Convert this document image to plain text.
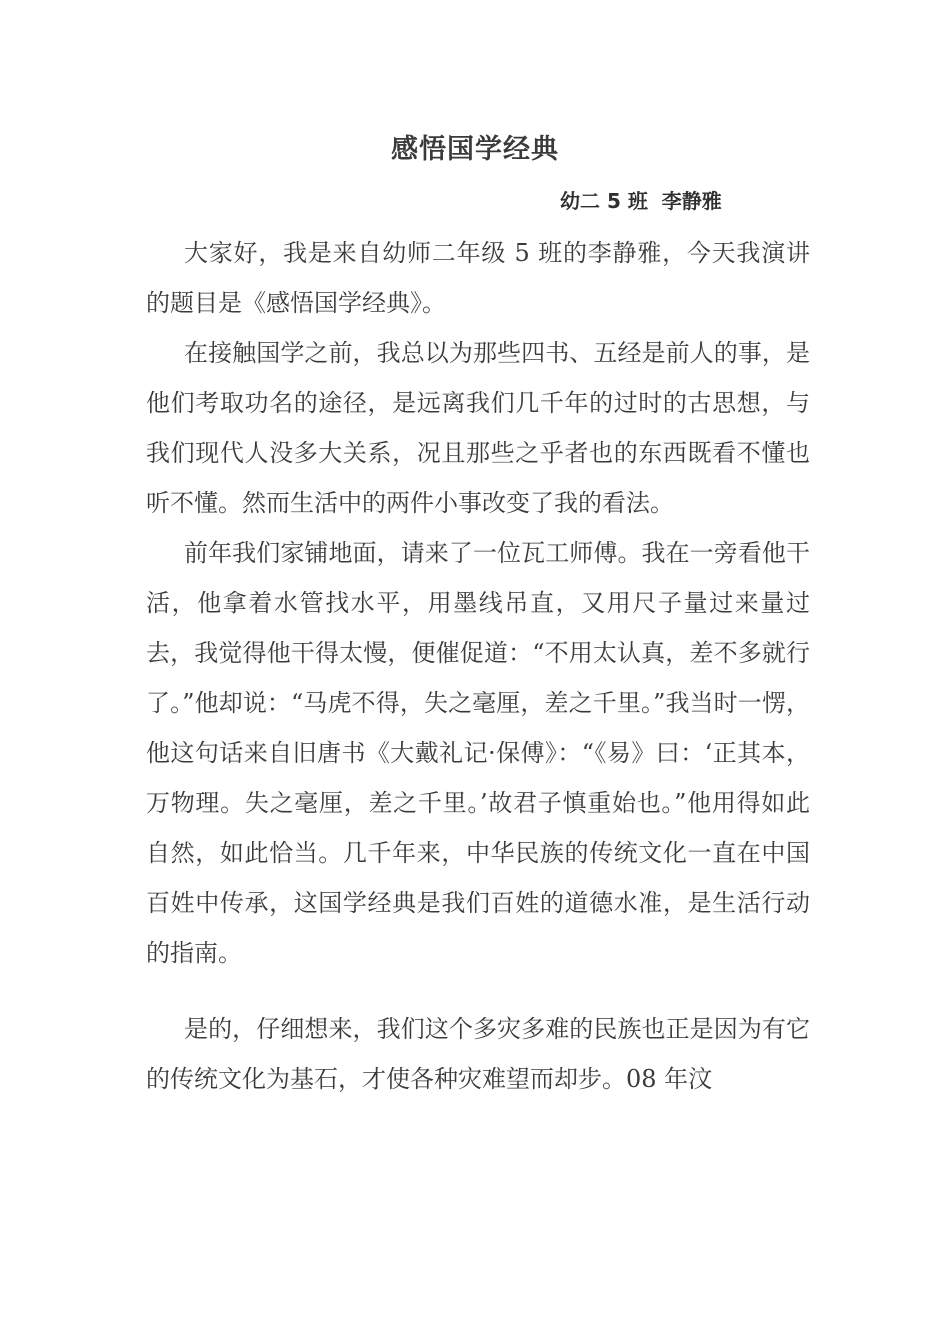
感悟国学经典
幼二 5 班  李静雅

大家好，我是来自幼师二年级 5 班的李静雅，今天我演讲的题目是《感悟国学经典》。

在接触国学之前，我总以为那些四书、五经是前人的事，是他们考取功名的途径，是远离我们几千年的过时的古思想，与我们现代人没多大关系，况且那些之乎者也的东西既看不懂也听不懂。然而生活中的两件小事改变了我的看法。

前年我们家铺地面，请来了一位瓦工师傅。我在一旁看他干活，他拿着水管找水平，用墨线吊直，又用尺子量过来量过去，我觉得他干得太慢，便催促道：“不用太认真，差不多就行了。”他却说：“马虎不得，失之毫厘，差之千里。”我当时一愣，他这句话来自旧唐书《大戴礼记·保傅》：“《易》曰：‘正其本，万物理。失之毫厘，差之千里。’故君子慎重始也。”他用得如此自然，如此恰当。几千年来，中华民族的传统文化一直在中国百姓中传承，这国学经典是我们百姓的道德水准，是生活行动的指南。

是的，仔细想来，我们这个多灾多难的民族也正是因为有它的传统文化为基石，才使各种灾难望而却步。08 年汶
